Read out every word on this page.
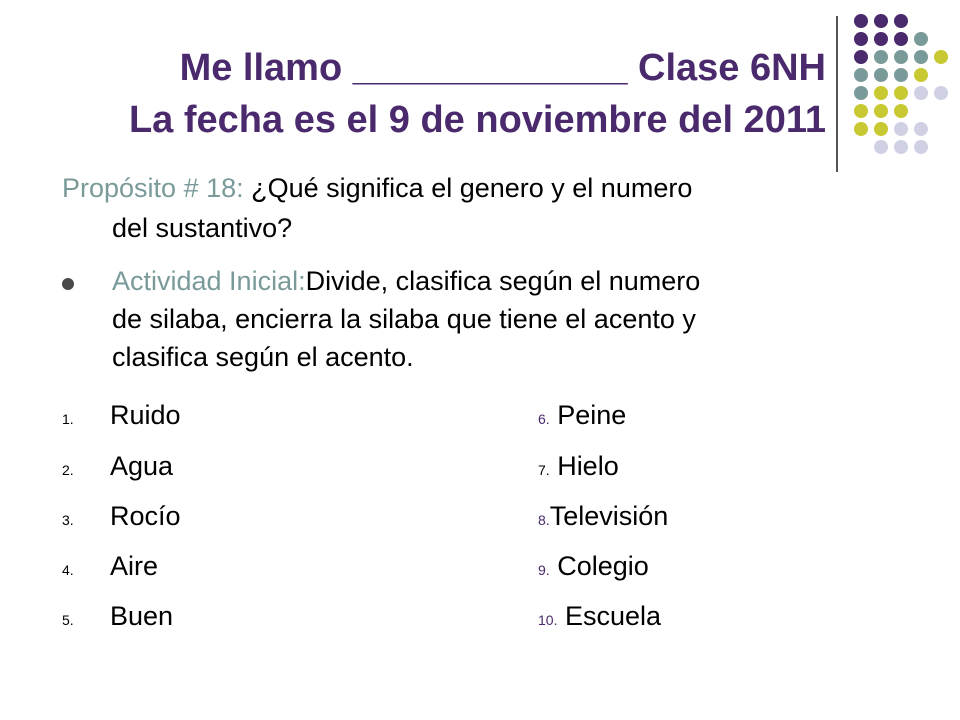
Me llamo _____________ Clase 6NH
La fecha es el 9 de noviembre del 2011
Propósito # 18: ¿Qué significa el genero y el numero
del sustantivo?
Actividad Inicial:Divide, clasifica según el numero
de silaba, encierra la silaba que tiene el acento y
clasifica según el acento.
1. Ruido
2. Agua
3. Rocío
4. Aire
5. Buen
6. Peine
7. Hielo
8.Televisión
9. Colegio
10. Escuela
